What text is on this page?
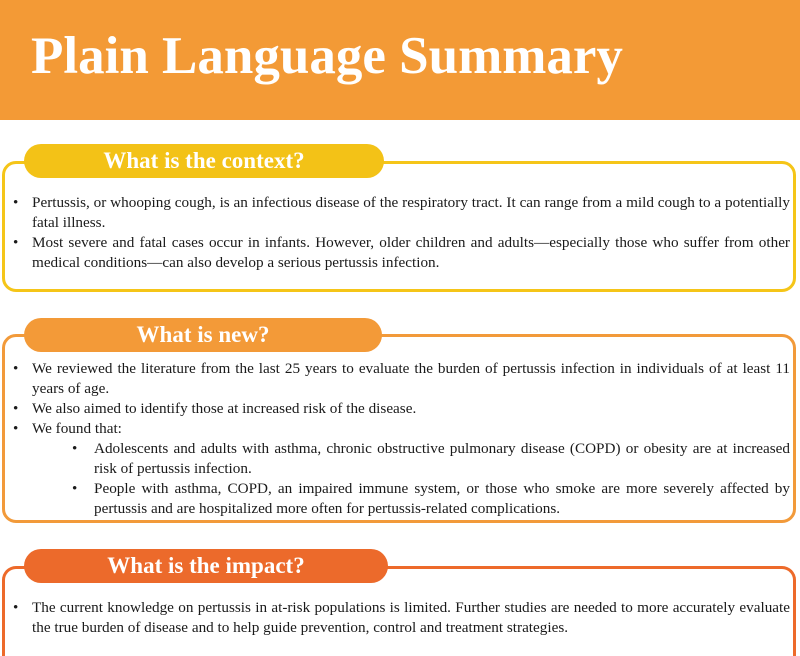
Plain Language Summary
What is the context?
• Pertussis, or whooping cough, is an infectious disease of the respiratory tract. It can range from a mild cough to a potentially fatal illness.
• Most severe and fatal cases occur in infants. However, older children and adults—especially those who suffer from other medical conditions—can also develop a serious pertussis infection.
What is new?
• We reviewed the literature from the last 25 years to evaluate the burden of pertussis infection in individuals of at least 11 years of age.
• We also aimed to identify those at increased risk of the disease.
• We found that:
• Adolescents and adults with asthma, chronic obstructive pulmonary disease (COPD) or obesity are at increased risk of pertussis infection.
• People with asthma, COPD, an impaired immune system, or those who smoke are more severely affected by pertussis and are hospitalized more often for pertussis-related complications.
What is the impact?
• The current knowledge on pertussis in at-risk populations is limited. Further studies are needed to more accurately evaluate the true burden of disease and to help guide prevention, control and treatment strategies.
